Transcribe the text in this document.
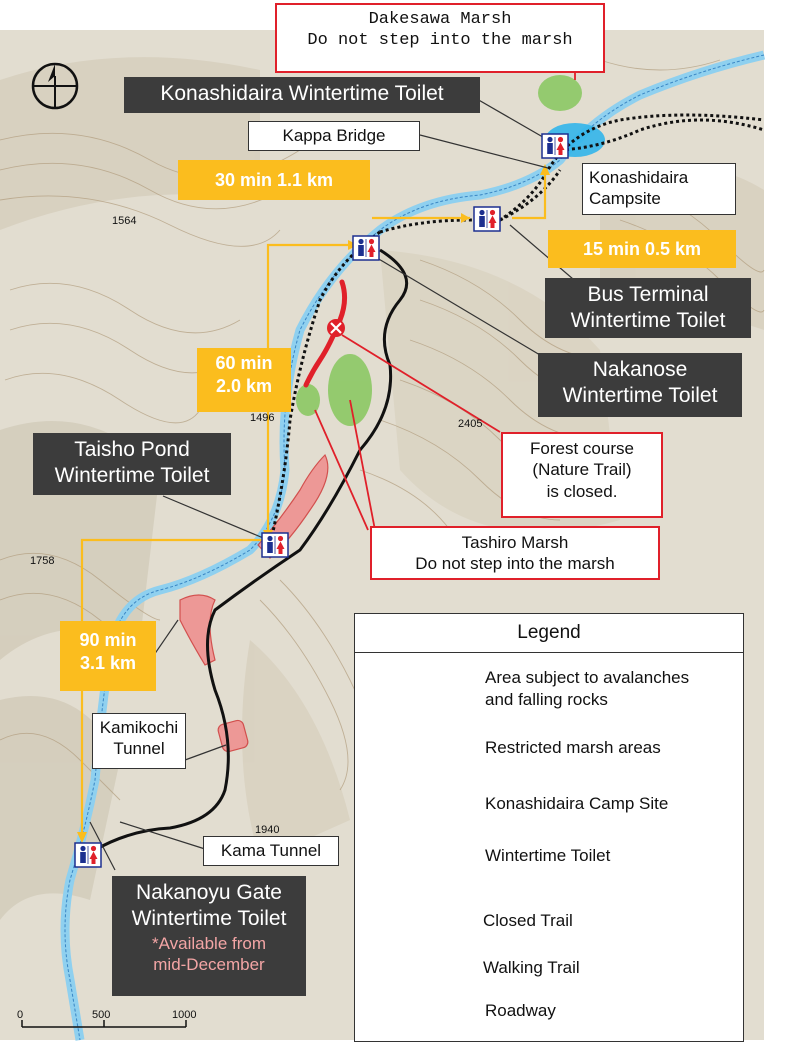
1564
1758
1940
1496	2405
Dakesawa Marsh
Do not step into the marsh
Konashidaira Wintertime Toilet
Kappa Bridge
30 min 1.1 km	Konashidaira
Campsite
15 min 0.5 km
Bus Terminal
Wintertime Toilet
60 min
2.0 km
Nakanose
Wintertime Toilet
Taisho Pond
Wintertime Toilet
Forest course
(Nature Trail)
is closed.
Tashiro Marsh
Do not step into the marsh
90 min
3.1 km
Kamikochi
Tunnel
Kama Tunnel
Nakanoyu Gate
Wintertime Toilet
*Available from
mid-December
0	500	1000
Legend
Area subject to avalanches
and falling rocks
Restricted marsh areas
Konashidaira Camp Site
Wintertime Toilet
Closed Trail
Walking Trail
Roadway
